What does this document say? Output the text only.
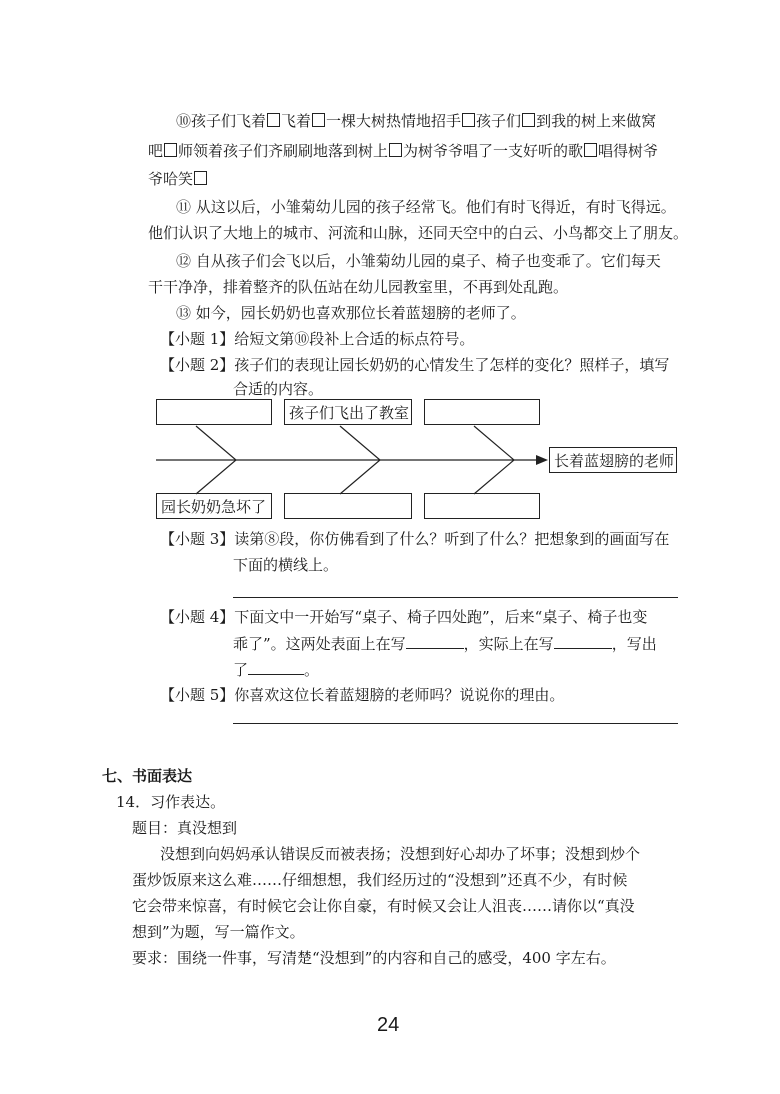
⑩孩子们飞着 飞着 一棵大树热情地招手 孩子们 到我的树上来做窝
吧 师领着孩子们齐刷刷地落到树上 为树爷爷唱了一支好听的歌 唱得树爷
爷哈笑
⑪ 从这以后，小雏菊幼儿园的孩子经常飞。他们有时飞得近，有时飞得远。
他们认识了大地上的城市、河流和山脉，还同天空中的白云、小鸟都交上了朋友。
⑫ 自从孩子们会飞以后，小雏菊幼儿园的桌子、椅子也变乖了。它们每天
干干净净，排着整齐的队伍站在幼儿园教室里，不再到处乱跑。
⑬ 如今，园长奶奶也喜欢那位长着蓝翅膀的老师了。
【小题 1】给短文第⑩段补上合适的标点符号。
【小题 2】孩子们的表现让园长奶奶的心情发生了怎样的变化？照样子，填写
合适的内容。
孩子们飞出了教室
园长奶奶急坏了
长着蓝翅膀的老师
【小题 3】读第⑧段，你仿佛看到了什么？听到了什么？把想象到的画面写在
下面的横线上。
【小题 4】下面文中一开始写“桌子、椅子四处跑”，后来“桌子、椅子也变
乖了”。这两处表面上在写	，实际上在写	，写出
了	。
【小题 5】你喜欢这位长着蓝翅膀的老师吗？说说你的理由。
七、书面表达
14．习作表达。
题目：真没想到
没想到向妈妈承认错误反而被表扬；没想到好心却办了坏事；没想到炒个
蛋炒饭原来这么难……仔细想想，我们经历过的“没想到”还真不少，有时候
它会带来惊喜，有时候它会让你自豪，有时候又会让人沮丧……请你以“真没
想到”为题，写一篇作文。
要求：围绕一件事，写清楚“没想到”的内容和自己的感受，400 字左右。
24
